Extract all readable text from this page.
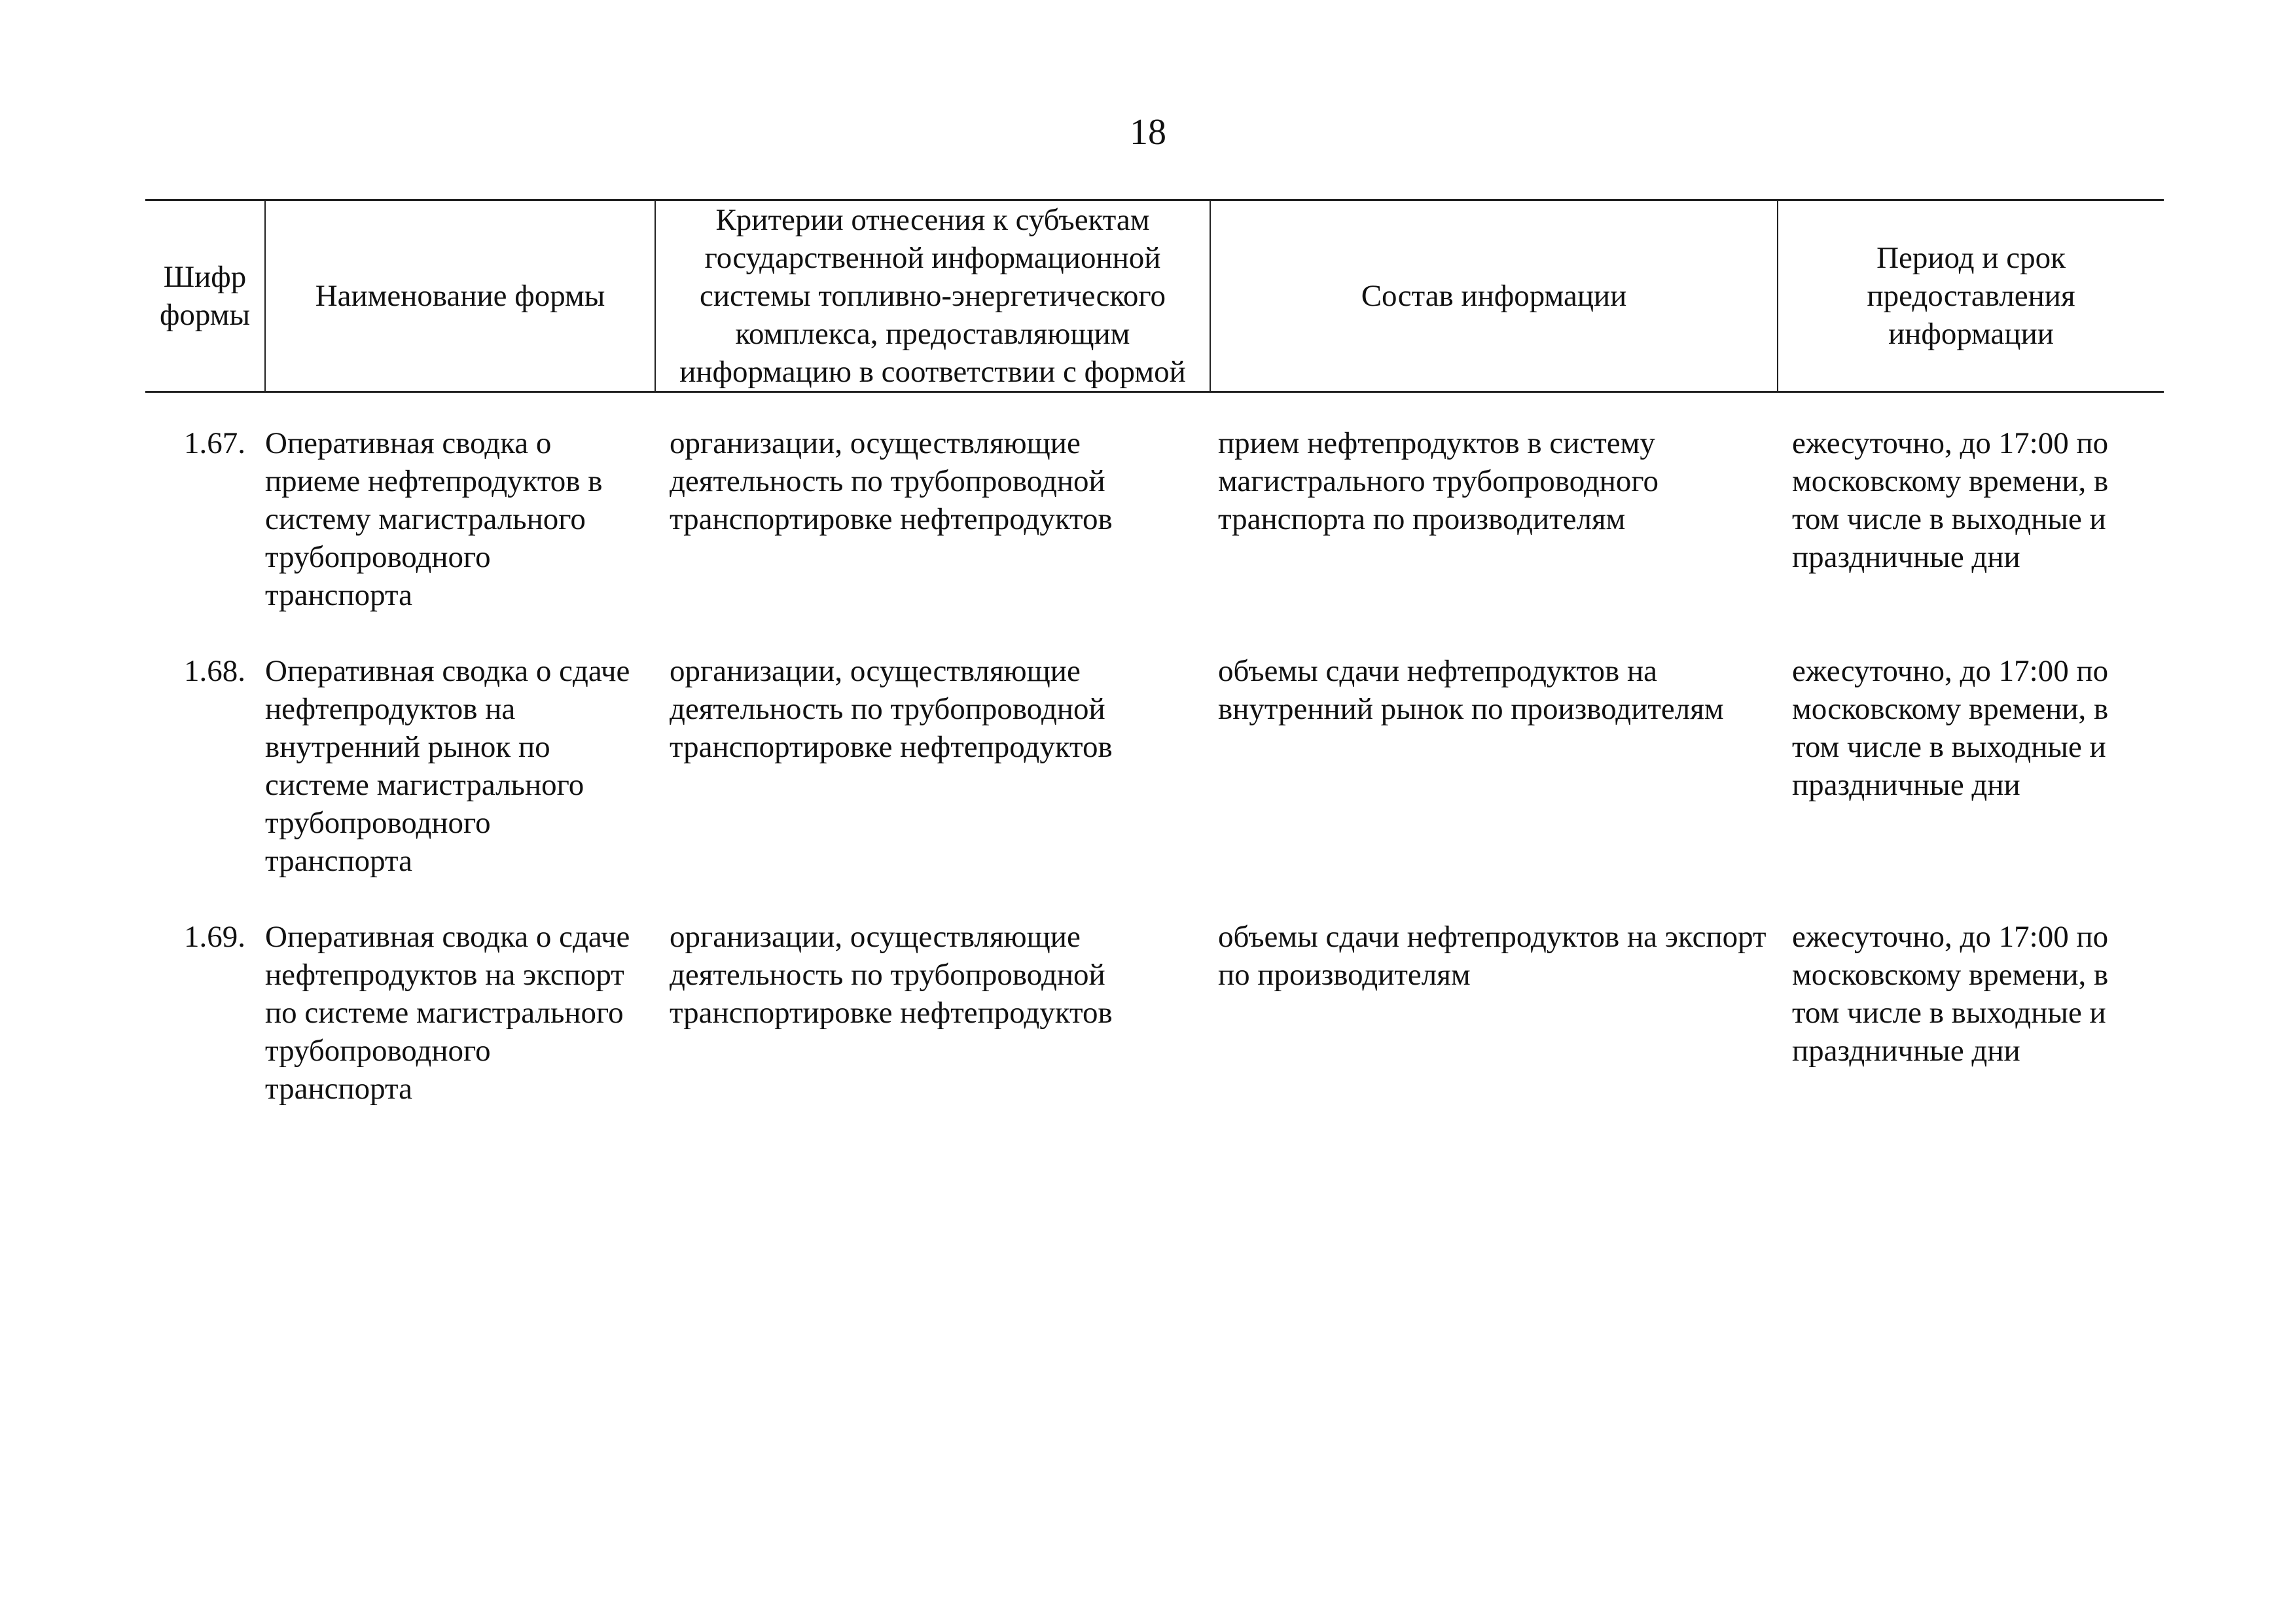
18
Шифр формы	Наименование формы	Критерии отнесения к субъектам государственной информационной системы топливно-энергетического комплекса, предоставляющим информацию в соответствии с формой	Состав информации	Период и срок предоставления информации
1.67.	Оперативная сводка о приеме нефтепродуктов в систему магистрального трубопроводного транспорта	организации, осуществляющие деятельность по трубопроводной транспортировке нефтепродуктов	прием нефтепродуктов в систему магистрального трубопроводного транспорта по производителям	ежесуточно, до 17:00 по московскому времени, в том числе в выходные и праздничные дни
1.68.	Оперативная сводка о сдаче нефтепродуктов на внутренний рынок по системе магистрального трубопроводного транспорта	организации, осуществляющие деятельность по трубопроводной транспортировке нефтепродуктов	объемы сдачи нефтепродуктов на внутренний рынок по производителям	ежесуточно, до 17:00 по московскому времени, в том числе в выходные и праздничные дни
1.69.	Оперативная сводка о сдаче нефтепродуктов на экспорт по системе магистрального трубопроводного транспорта	организации, осуществляющие деятельность по трубопроводной транспортировке нефтепродуктов	объемы сдачи нефтепродуктов на экспорт по производителям	ежесуточно, до 17:00 по московскому времени, в том числе в выходные и праздничные дни
